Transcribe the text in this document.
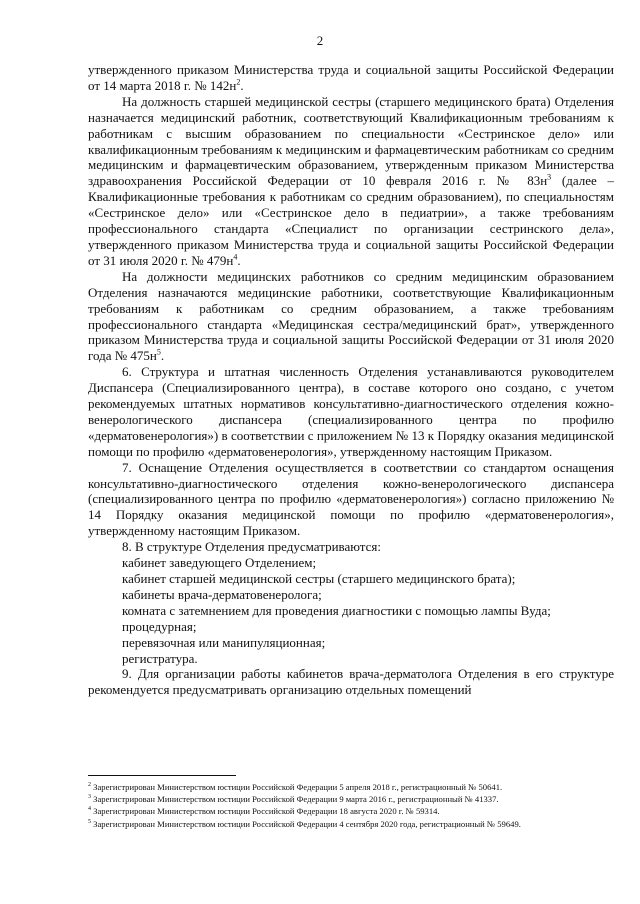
2

утвержденного приказом Министерства труда и социальной защиты Российской Федерации от 14 марта 2018 г. № $142н^2$.

На должность старшей медицинской сестры (старшего медицинского брата) Отделения назначается медицинский работник, соответствующий Квалификационным требованиям к работникам с высшим образованием по специальности «Сестринское дело» или квалификационным требованиям к медицинским и фармацевтическим работникам со средним медицинским и фармацевтическим образованием, утвержденным приказом Министерства здравоохранения Российской Федерации от 10 февраля 2016 г. № $83н^3$ (далее – Квалификационные требования к работникам со средним образованием), по специальностям «Сестринское дело» или «Сестринское дело в педиатрии», а также требованиям профессионального стандарта «Специалист по организации сестринского дела», утвержденного приказом Министерства труда и социальной защиты Российской Федерации от 31 июля 2020 г. № $479н^4$.

На должности медицинских работников со средним медицинским образованием Отделения назначаются медицинские работники, соответствующие Квалификационным требованиям к работникам со средним образованием, а также требованиям профессионального стандарта «Медицинская сестра/медицинский брат», утвержденного приказом Министерства труда и социальной защиты Российской Федерации от 31 июля 2020 года № $475н^5$.

6. Структура и штатная численность Отделения устанавливаются руководителем Диспансера (Специализированного центра), в составе которого оно создано, с учетом рекомендуемых штатных нормативов консультативно-диагностического отделения кожно-венерологического диспансера (специализированного центра по профилю «дерматовенерология») в соответствии с приложением № 13 к Порядку оказания медицинской помощи по профилю «дерматовенерология», утвержденному настоящим Приказом.

7. Оснащение Отделения осуществляется в соответствии со стандартом оснащения консультативно-диагностического отделения кожно-венерологического диспансера (специализированного центра по профилю «дерматовенерология») согласно приложению № 14 Порядку оказания медицинской помощи по профилю «дерматовенерология», утвержденному настоящим Приказом.

8. В структуре Отделения предусматриваются:

кабинет заведующего Отделением;

кабинет старшей медицинской сестры (старшего медицинского брата);

кабинеты врача-дерматовенеролога;

комната с затемнением для проведения диагностики с помощью лампы Вуда;

процедурная;

перевязочная или манипуляционная;

регистратура.

9. Для организации работы кабинетов врача-дерматолога Отделения в его структуре рекомендуется предусматривать организацию отдельных помещений

$^2$ Зарегистрирован Министерством юстиции Российской Федерации 5 апреля 2018 г., регистрационный № 50641.
$^3$ Зарегистрирован Министерством юстиции Российской Федерации 9 марта 2016 г., регистрационный № 41337.
$^4$ Зарегистрирован Министерством юстиции Российской Федерации 18 августа 2020 г. № 59314.
$^5$ Зарегистрирован Министерством юстиции Российской Федерации 4 сентября 2020 года, регистрационный № 59649.
